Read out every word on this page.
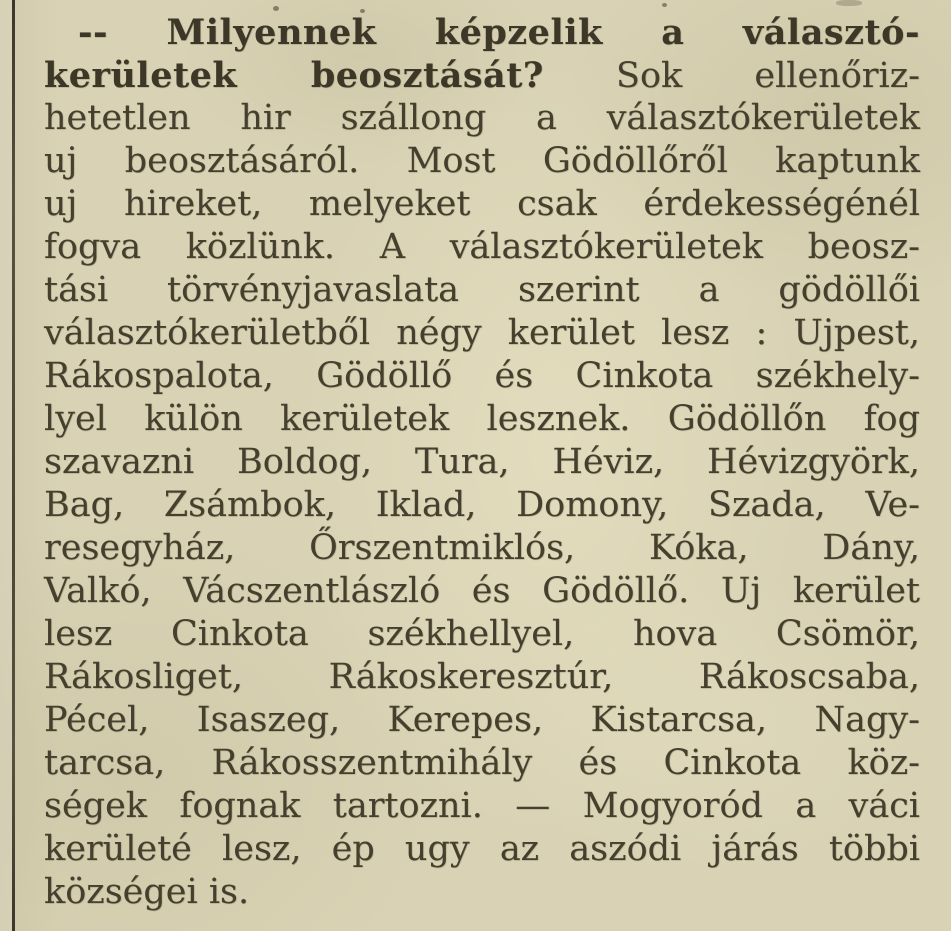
-- Milyennek képzelik a választó-
kerületek beosztását? Sok ellenőriz-
hetetlen hir szállong a választókerületek
uj beosztásáról. Most Gödöllőről kaptunk
uj hireket, melyeket csak érdekességénél
fogva közlünk. A választókerületek beosz-
tási törvényjavaslata szerint a gödöllői
választókerületből négy kerület lesz : Ujpest,
Rákospalota, Gödöllő és Cinkota székhely-
lyel külön kerületek lesznek. Gödöllőn fog
szavazni Boldog, Tura, Héviz, Hévizgyörk,
Bag, Zsámbok, Iklad, Domony, Szada, Ve-
resegyház, Őrszentmiklós, Kóka, Dány,
Valkó, Vácszentlászló és Gödöllő. Uj kerület
lesz Cinkota székhellyel, hova Csömör,
Rákosliget, Rákoskeresztúr, Rákoscsaba,
Pécel, Isaszeg, Kerepes, Kistarcsa, Nagy-
tarcsa, Rákosszentmihály és Cinkota köz-
ségek fognak tartozni. — Mogyoród a váci
kerületé lesz, ép ugy az aszódi járás többi
községei is.
